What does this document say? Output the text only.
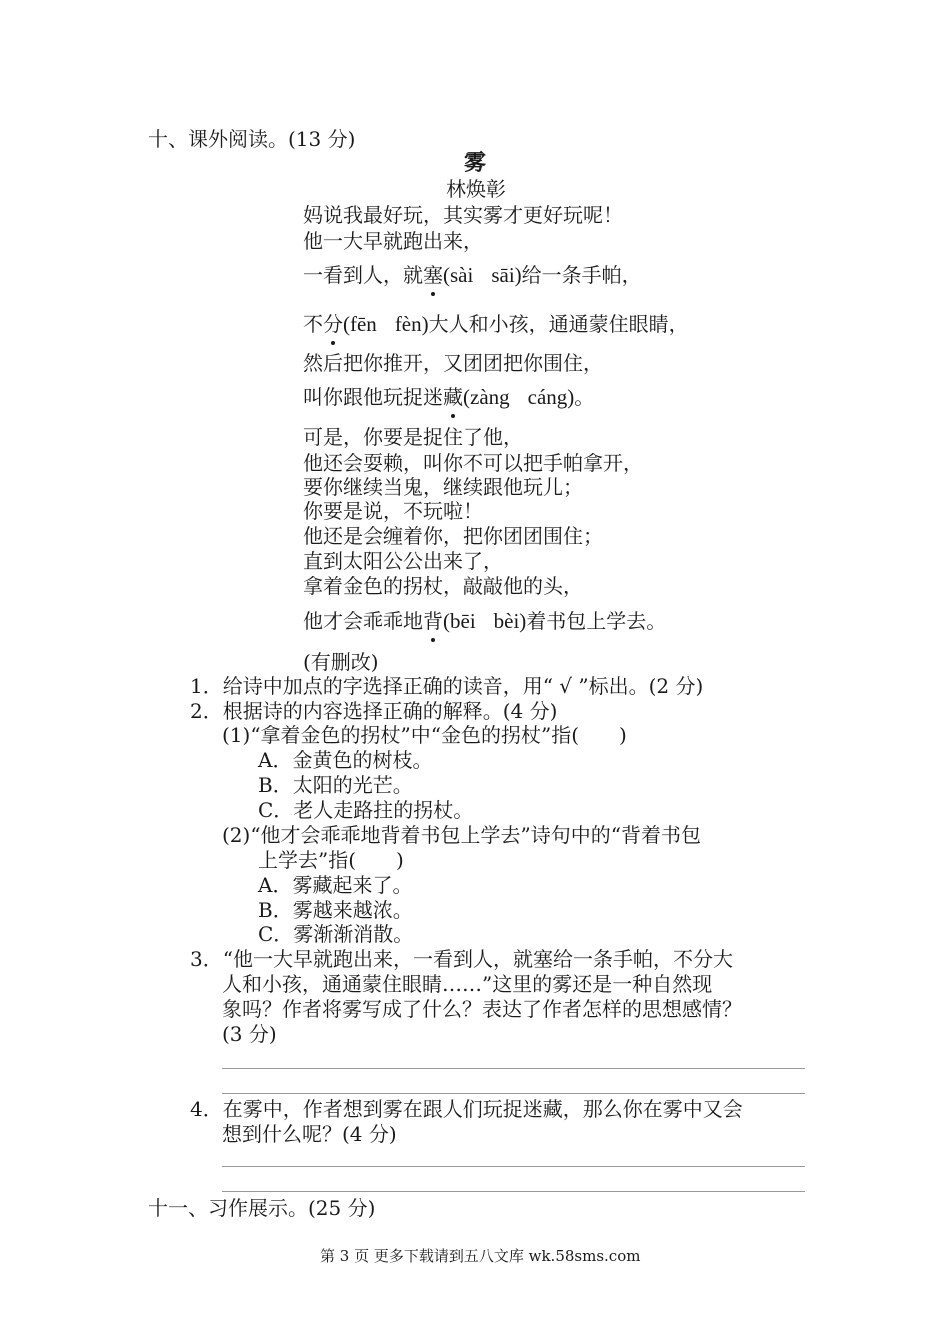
十、课外阅读。(13 分)
雾
林焕彰
妈说我最好玩，其实雾才更好玩呢！
他一大早就跑出来，
一看到人，就塞(sài sāi)给一条手帕，
不分(fēn fèn)大人和小孩，通通蒙住眼睛，
然后把你推开，又团团把你围住，
叫你跟他玩捉迷藏(zàng cáng)。
可是，你要是捉住了他，
他还会耍赖，叫你不可以把手帕拿开，
要你继续当鬼，继续跟他玩儿；
你要是说，不玩啦！
他还是会缠着你，把你团团围住；
直到太阳公公出来了，
拿着金色的拐杖，敲敲他的头，
他才会乖乖地背(bēi bèi)着书包上学去。
(有删改)
1．给诗中加点的字选择正确的读音，用“ √ ”标出。(2 分)
2．根据诗的内容选择正确的解释。(4 分)
(1)“拿着金色的拐杖”中“金色的拐杖”指(　　)
A．金黄色的树枝。
B．太阳的光芒。
C．老人走路拄的拐杖。
(2)“他才会乖乖地背着书包上学去”诗句中的“背着书包
上学去”指(　　)
A．雾藏起来了。
B．雾越来越浓。
C．雾渐渐消散。
3．“他一大早就跑出来，一看到人，就塞给一条手帕，不分大
人和小孩，通通蒙住眼睛……”这里的雾还是一种自然现
象吗？作者将雾写成了什么？表达了作者怎样的思想感情？
(3 分)
4．在雾中，作者想到雾在跟人们玩捉迷藏，那么你在雾中又会
想到什么呢？(4 分)
十一、习作展示。(25 分)
第 3 页 更多下载请到五八文库 wk.58sms.com
